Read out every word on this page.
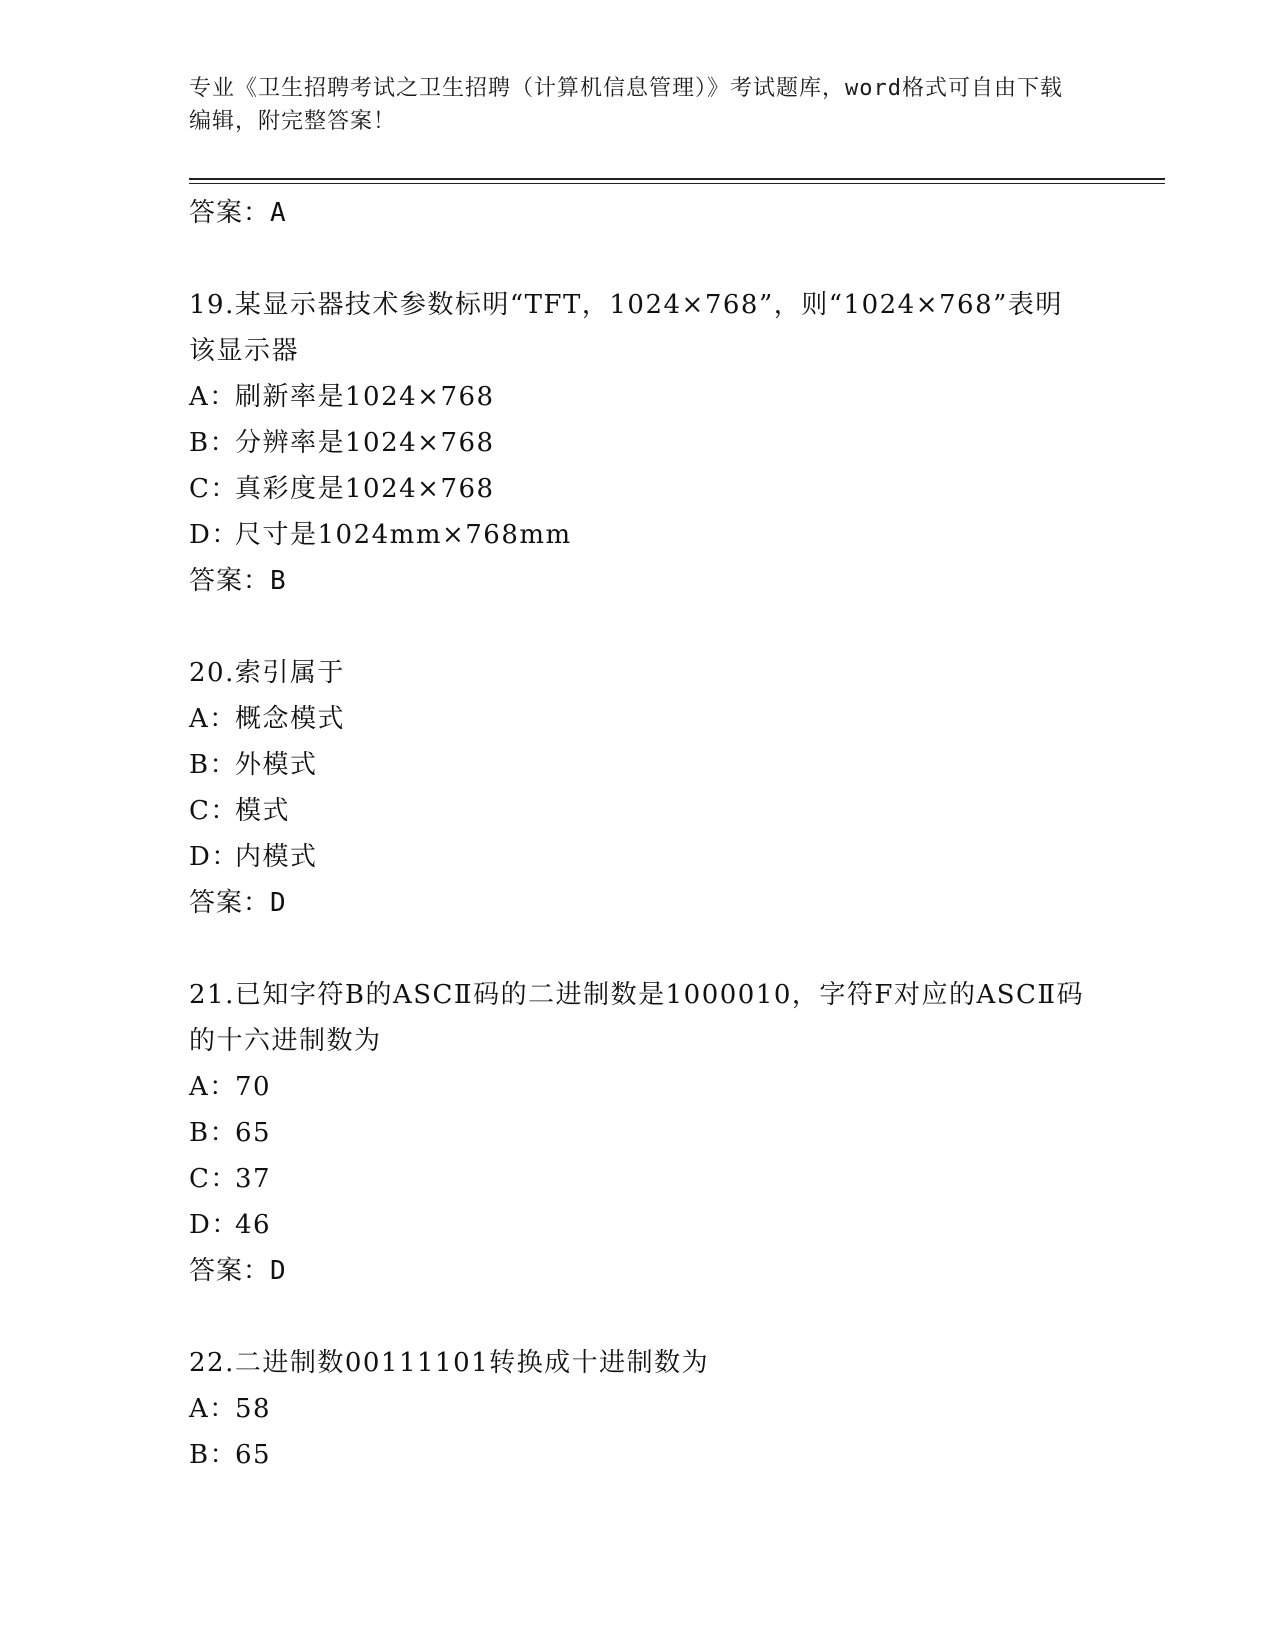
专业《卫生招聘考试之卫生招聘（计算机信息管理）》考试题库，word格式可自由下载编辑，附完整答案！
答案：A
19.某显示器技术参数标明“TFT，1024×768”，则“1024×768”表明该显示器
A：刷新率是1024×768
B：分辨率是1024×768
C：真彩度是1024×768
D：尺寸是1024mm×768mm
答案：B
20.索引属于
A：概念模式
B：外模式
C：模式
D：内模式
答案：D
21.已知字符B的ASCⅡ码的二进制数是1000010，字符F对应的ASCⅡ码的十六进制数为
A：70
B：65
C：37
D：46
答案：D
22.二进制数00111101转换成十进制数为
A：58
B：65
